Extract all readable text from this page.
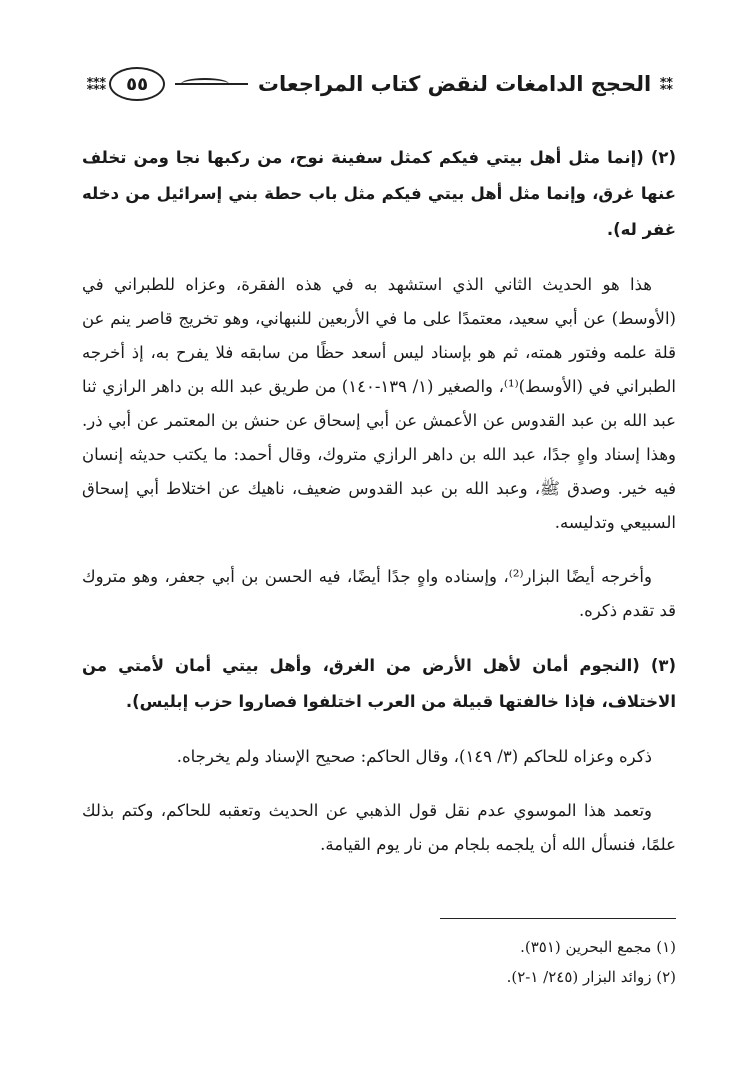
⁑⁑
الحجج الدامغات لنقض كتاب المراجعات
٥٥
⁑⁑⁑

(٢) (إنما مثل أهل بيتي فيكم كمثل سفينة نوح، من ركبها نجا ومن تخلف عنها غرق، وإنما مثل أهل بيتي فيكم مثل باب حطة بني إسرائيل من دخله غفر له).

هذا هو الحديث الثاني الذي استشهد به في هذه الفقرة، وعزاه للطبراني في (الأوسط) عن أبي سعيد، معتمدًا على ما في الأربعين للنبهاني، وهو تخريج قاصر ينم عن قلة علمه وفتور همته، ثم هو بإسناد ليس أسعد حظًا من سابقه فلا يفرح به، إذ أخرجه الطبراني في (الأوسط)⁽¹⁾، والصغير (١/ ١٣٩-١٤٠) من طريق عبد الله بن داهر الرازي ثنا عبد الله بن عبد القدوس عن الأعمش عن أبي إسحاق عن حنش بن المعتمر عن أبي ذر. وهذا إسناد واهٍ جدًا، عبد الله بن داهر الرازي متروك، وقال أحمد: ما يكتب حديثه إنسان فيه خير. وصدق ﷺ، وعبد الله بن عبد القدوس ضعيف، ناهيك عن اختلاط أبي إسحاق السبيعي وتدليسه.

وأخرجه أيضًا البزار⁽²⁾، وإسناده واهٍ جدًا أيضًا، فيه الحسن بن أبي جعفر، وهو متروك قد تقدم ذكره.

(٣) (النجوم أمان لأهل الأرض من الغرق، وأهل بيتي أمان لأمتي من الاختلاف، فإذا خالفتها قبيلة من العرب اختلفوا فصاروا حزب إبليس).

ذكره وعزاه للحاكم (٣/ ١٤٩)، وقال الحاكم: صحيح الإسناد ولم يخرجاه.

وتعمد هذا الموسوي عدم نقل قول الذهبي عن الحديث وتعقبه للحاكم، وكتم بذلك علمًا، فنسأل الله أن يلجمه بلجام من نار يوم القيامة.

(١) مجمع البحرين (٣٥١).

(٢) زوائد البزار (٢٤٥/ ١-٢).
